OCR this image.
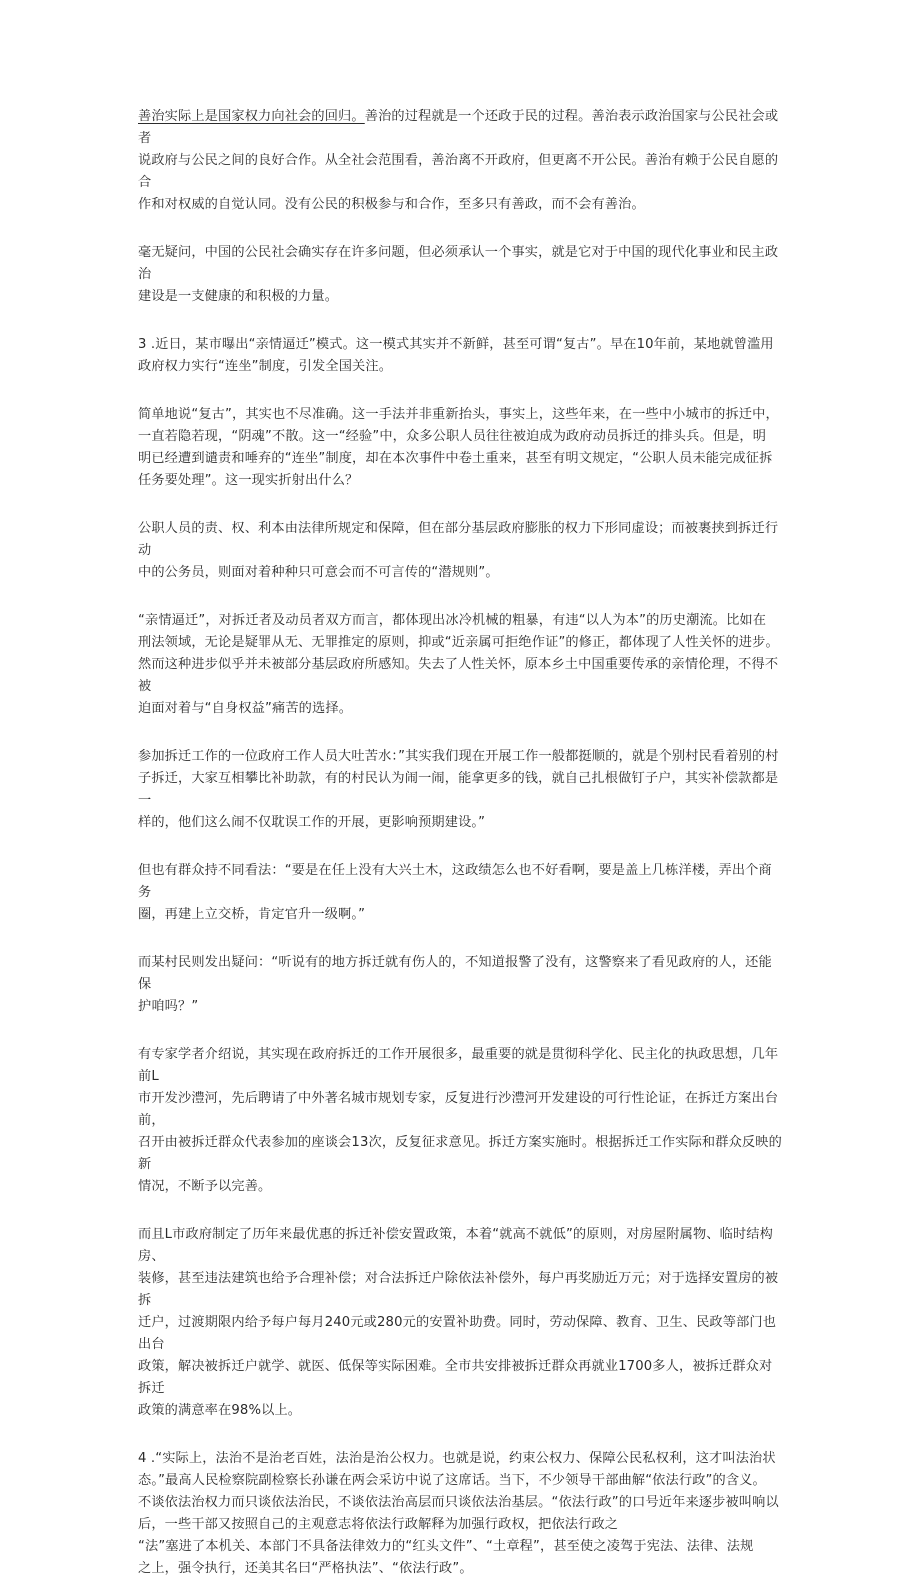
善治实际上是国家权力向社会的回归。善治的过程就是一个还政于民的过程。善治表示政治国家与公民社会或者
说政府与公民之间的良好合作。从全社会范围看，善治离不开政府，但更离不开公民。善治有赖于公民自愿的合
作和对权威的自觉认同。没有公民的积极参与和合作，至多只有善政，而不会有善治。

毫无疑问，中国的公民社会确实存在许多问题，但必须承认一个事实，就是它对于中国的现代化事业和民主政治
建设是一支健康的和积极的力量。

3 .近日，某市曝出“亲情逼迁”模式。这一模式其实并不新鲜，甚至可谓“复古”。早在10年前，某地就曾滥用
政府权力实行“连坐”制度，引发全国关注。

简单地说“复古”，其实也不尽准确。这一手法并非重新抬头，事实上，这些年来，在一些中小城市的拆迁中，
一直若隐若现，“阴魂”不散。这一“经验”中，众多公职人员往往被迫成为政府动员拆迁的排头兵。但是，明
明已经遭到谴责和唾弃的“连坐”制度，却在本次事件中卷土重来，甚至有明文规定，“公职人员未能完成征拆
任务要处理”。这一现实折射出什么？

公职人员的责、权、利本由法律所规定和保障，但在部分基层政府膨胀的权力下形同虚设；而被裹挟到拆迁行动
中的公务员，则面对着种种只可意会而不可言传的“潜规则”。

“亲情逼迁”，对拆迁者及动员者双方而言，都体现出冰冷机械的粗暴，有违“以人为本”的历史潮流。比如在
刑法领域，无论是疑罪从无、无罪推定的原则，抑或“近亲属可拒绝作证”的修正，都体现了人性关怀的进步。
然而这种进步似乎并未被部分基层政府所感知。失去了人性关怀，原本乡土中国重要传承的亲情伦理，不得不被
迫面对着与“自身权益”痛苦的选择。

参加拆迁工作的一位政府工作人员大吐苦水：”其实我们现在开展工作一般都挺顺的，就是个别村民看着别的村
子拆迁，大家互相攀比补助款，有的村民认为闹一闹，能拿更多的钱，就自己扎根做钉子户，其实补偿款都是一
样的，他们这么闹不仅耽误工作的开展，更影响预期建设。”

但也有群众持不同看法：“要是在任上没有大兴土木，这政绩怎么也不好看啊，要是盖上几栋洋楼，弄出个商务
圈，再建上立交桥，肯定官升一级啊。”

而某村民则发出疑问：“听说有的地方拆迁就有伤人的，不知道报警了没有，这警察来了看见政府的人，还能保
护咱吗？”

有专家学者介绍说，其实现在政府拆迁的工作开展很多，最重要的就是贯彻科学化、民主化的执政思想，几年前L
市开发沙澧河，先后聘请了中外著名城市规划专家，反复进行沙澧河开发建设的可行性论证，在拆迁方案出台前，
召开由被拆迁群众代表参加的座谈会13次，反复征求意见。拆迁方案实施时。根据拆迁工作实际和群众反映的新
情况，不断予以完善。

而且L市政府制定了历年来最优惠的拆迁补偿安置政策，本着“就高不就低”的原则，对房屋附属物、临时结构房、
装修，甚至违法建筑也给予合理补偿；对合法拆迁户除依法补偿外，每户再奖励近万元；对于选择安置房的被拆
迁户，过渡期限内给予每户每月240元或280元的安置补助费。同时，劳动保障、教育、卫生、民政等部门也出台
政策，解决被拆迁户就学、就医、低保等实际困难。全市共安排被拆迁群众再就业1700多人，被拆迁群众对拆迁
政策的满意率在98%以上。

4 .“实际上，法治不是治老百姓，法治是治公权力。也就是说，约束公权力、保障公民私权利，这才叫法治状
态。”最高人民检察院副检察长孙谦在两会采访中说了这席话。当下，不少领导干部曲解“依法行政”的含义。
不谈依法治权力而只谈依法治民，不谈依法治高层而只谈依法治基层。“依法行政”的口号近年来逐步被叫响以
后，一些干部又按照自己的主观意志将依法行政解释为加强行政权，把依法行政之
“法”塞进了本机关、本部门不具备法律效力的“红头文件”、“土章程”，甚至使之凌驾于宪法、法律、法规
之上，强令执行，还美其名曰“严格执法”、“依法行政”。
